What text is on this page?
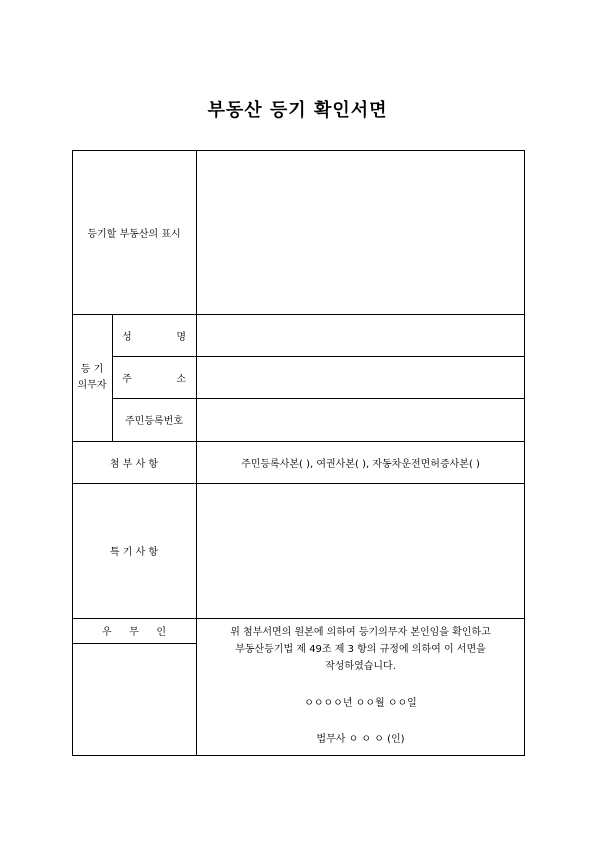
부동산 등기 확인서면
등기할 부동산의 표시
등 기
의무자
성	명
주	소
주민등록번호
첨 부 사 항	주민등록사본( ), 여권사본( ), 자동차운전면허증사본( )
특 기 사 항
우 무 인	위 첨부서면의 원본에 의하여 등기의무자 본인임을 확인하고
부동산등기법 제 49조 제 3 항의 규정에 의하여 이 서면을
작성하였습니다.
ㅇㅇㅇㅇ년 ㅇㅇ월 ㅇㅇ일
법무사 ㅇ ㅇ ㅇ (인)
